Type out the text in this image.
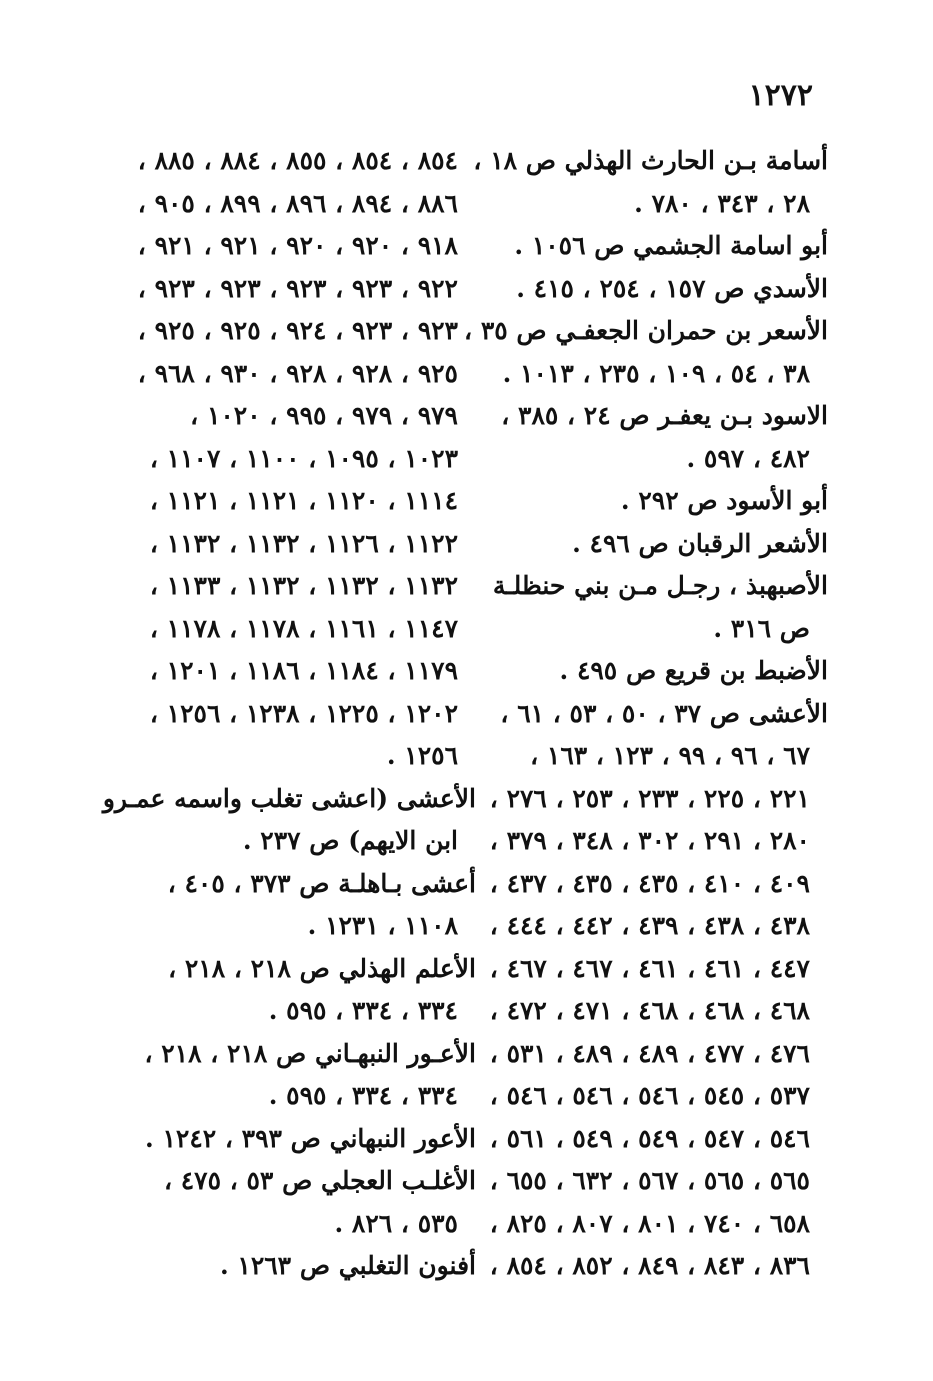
١٢٧٢
أسامة بـن الحارث الهذلي ص ١٨ ،
٢٨ ، ٣٤٣ ، ٧٨٠ .
أبو اسامة الجشمي ص ١٠٥٦ .
الأسدي ص ١٥٧ ، ٢٥٤ ، ٤١٥ .
الأسعر بن حمران الجعفـي ص ٣٥ ،
٣٨ ، ٥٤ ، ١٠٩ ، ٢٣٥ ، ١٠١٣ .
الاسود بـن يعفـر ص ٢٤ ، ٣٨٥ ،
٤٨٢ ، ٥٩٧ .
أبو الأسود ص ٢٩٢ .
الأشعر الرقبان ص ٤٩٦ .
الأصبهبذ ، رجـل مـن بني حنظلـة
ص ٣١٦ .
الأضبط بن قريع ص ٤٩٥ .
الأعشى ص ٣٧ ، ٥٠ ، ٥٣ ، ٦١ ،
٦٧ ، ٩٦ ، ٩٩ ، ١٢٣ ، ١٦٣ ،
٢٢١ ، ٢٢٥ ، ٢٣٣ ، ٢٥٣ ، ٢٧٦ ،
٢٨٠ ، ٢٩١ ، ٣٠٢ ، ٣٤٨ ، ٣٧٩ ،
٤٠٩ ، ٤١٠ ، ٤٣٥ ، ٤٣٥ ، ٤٣٧ ،
٤٣٨ ، ٤٣٨ ، ٤٣٩ ، ٤٤٢ ، ٤٤٤ ،
٤٤٧ ، ٤٦١ ، ٤٦١ ، ٤٦٧ ، ٤٦٧ ،
٤٦٨ ، ٤٦٨ ، ٤٦٨ ، ٤٧١ ، ٤٧٢ ،
٤٧٦ ، ٤٧٧ ، ٤٨٩ ، ٤٨٩ ، ٥٣١ ،
٥٣٧ ، ٥٤٥ ، ٥٤٦ ، ٥٤٦ ، ٥٤٦ ،
٥٤٦ ، ٥٤٧ ، ٥٤٩ ، ٥٤٩ ، ٥٦١ ،
٥٦٥ ، ٥٦٥ ، ٥٦٧ ، ٦٣٢ ، ٦٥٥ ،
٦٥٨ ، ٧٤٠ ، ٨٠١ ، ٨٠٧ ، ٨٢٥ ،
٨٣٦ ، ٨٤٣ ، ٨٤٩ ، ٨٥٢ ، ٨٥٤ ،
٨٥٤ ، ٨٥٤ ، ٨٥٥ ، ٨٨٤ ، ٨٨٥ ،
٨٨٦ ، ٨٩٤ ، ٨٩٦ ، ٨٩٩ ، ٩٠٥ ،
٩١٨ ، ٩٢٠ ، ٩٢٠ ، ٩٢١ ، ٩٢١ ،
٩٢٢ ، ٩٢٣ ، ٩٢٣ ، ٩٢٣ ، ٩٢٣ ،
٩٢٣ ، ٩٢٣ ، ٩٢٤ ، ٩٢٥ ، ٩٢٥ ،
٩٢٥ ، ٩٢٨ ، ٩٢٨ ، ٩٣٠ ، ٩٦٨ ،
٩٧٩ ، ٩٧٩ ، ٩٩٥ ، ١٠٢٠ ،
١٠٢٣ ، ١٠٩٥ ، ١١٠٠ ، ١١٠٧ ،
١١١٤ ، ١١٢٠ ، ١١٢١ ، ١١٢١ ،
١١٢٢ ، ١١٢٦ ، ١١٣٢ ، ١١٣٢ ،
١١٣٢ ، ١١٣٢ ، ١١٣٢ ، ١١٣٣ ،
١١٤٧ ، ١١٦١ ، ١١٧٨ ، ١١٧٨ ،
١١٧٩ ، ١١٨٤ ، ١١٨٦ ، ١٢٠١ ،
١٢٠٢ ، ١٢٢٥ ، ١٢٣٨ ، ١٢٥٦ ،
١٢٥٦ .
الأعشى (اعشى تغلب واسمه عمـرو
ابن الايهم) ص ٢٣٧ .
أعشى بـاهلـة ص ٣٧٣ ، ٤٠٥ ،
١١٠٨ ، ١٢٣١ .
الأعلم الهذلي ص ٢١٨ ، ٢١٨ ،
٣٣٤ ، ٣٣٤ ، ٥٩٥ .
الأعـور النبهـاني ص ٢١٨ ، ٢١٨ ،
٣٣٤ ، ٣٣٤ ، ٥٩٥ .
الأعور النبهاني ص ٣٩٣ ، ١٢٤٢ .
الأغلـب العجلي ص ٥٣ ، ٤٧٥ ،
٥٣٥ ، ٨٢٦ .
أفنون التغلبي ص ١٢٦٣ .
